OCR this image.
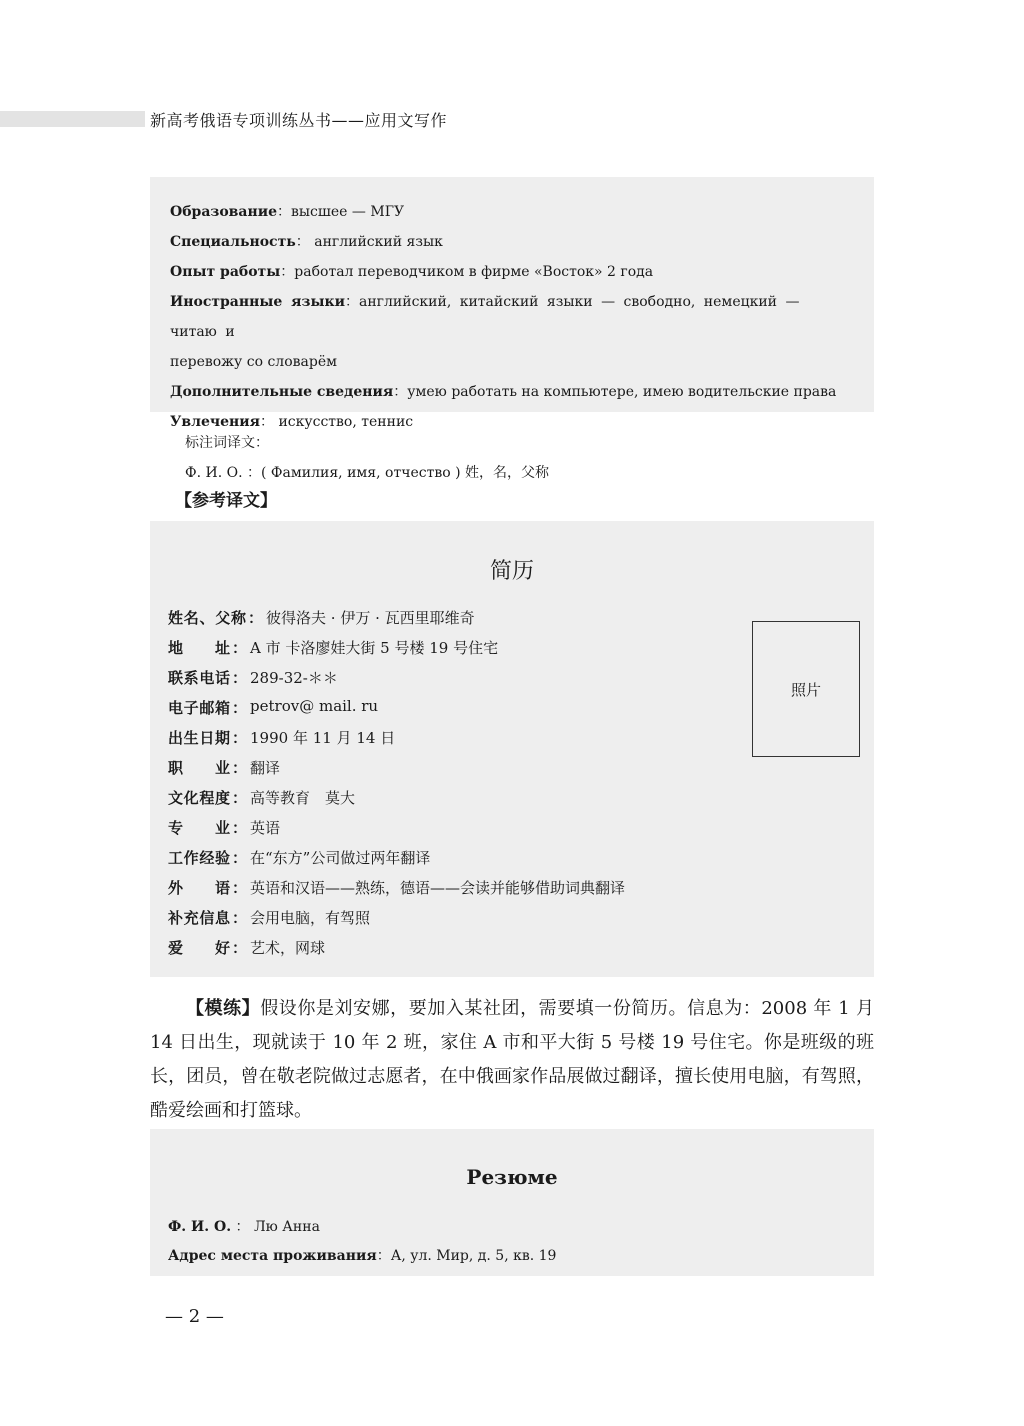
新高考俄语专项训练丛书——应用文写作
Образование：высшее — МГУ
Специальность： английский язык
Опыт работы：работал переводчиком в фирме «Восток» 2 года
Иностранные языки：английский, китайский языки — свободно, немецкий — читаю и
перевожу со словарём
Дополнительные сведения：умею работать на компьютере, имею водительские права
Увлечения： искусство, теннис
标注词译文：
Ф. И. О. ：( Фамилия, имя, отчество ) 姓，名，父称
【参考译文】
简历
姓名、父称 ： 彼得洛夫 · 伊万 · 瓦西里耶维奇
地　　址 ： A 市 卡洛廖娃大街 5 号楼 19 号住宅
联系电话 ： 289-32-＊＊
电子邮箱 ： petrov@ mail. ru
出生日期 ： 1990 年 11 月 14 日
职　　业 ： 翻译
文化程度 ： 高等教育　莫大
专　　业 ： 英语
工作经验 ： 在“东方”公司做过两年翻译
外　　语 ： 英语和汉语——熟练，德语——会读并能够借助词典翻译
补充信息 ： 会用电脑，有驾照
爱　　好 ： 艺术，网球
照片
【模练】假设你是刘安娜，要加入某社团，需要填一份简历。信息为：2008 年 1 月 14 日出生，现就读于 10 年 2 班，家住 A 市和平大街 5 号楼 19 号住宅。你是班级的班长，团员，曾在敬老院做过志愿者，在中俄画家作品展做过翻译，擅长使用电脑，有驾照，酷爱绘画和打篮球。
Резюме
Ф. И. О. ： Лю Анна
Адрес места проживания：А, ул. Мир, д. 5, кв. 19
— 2 —
